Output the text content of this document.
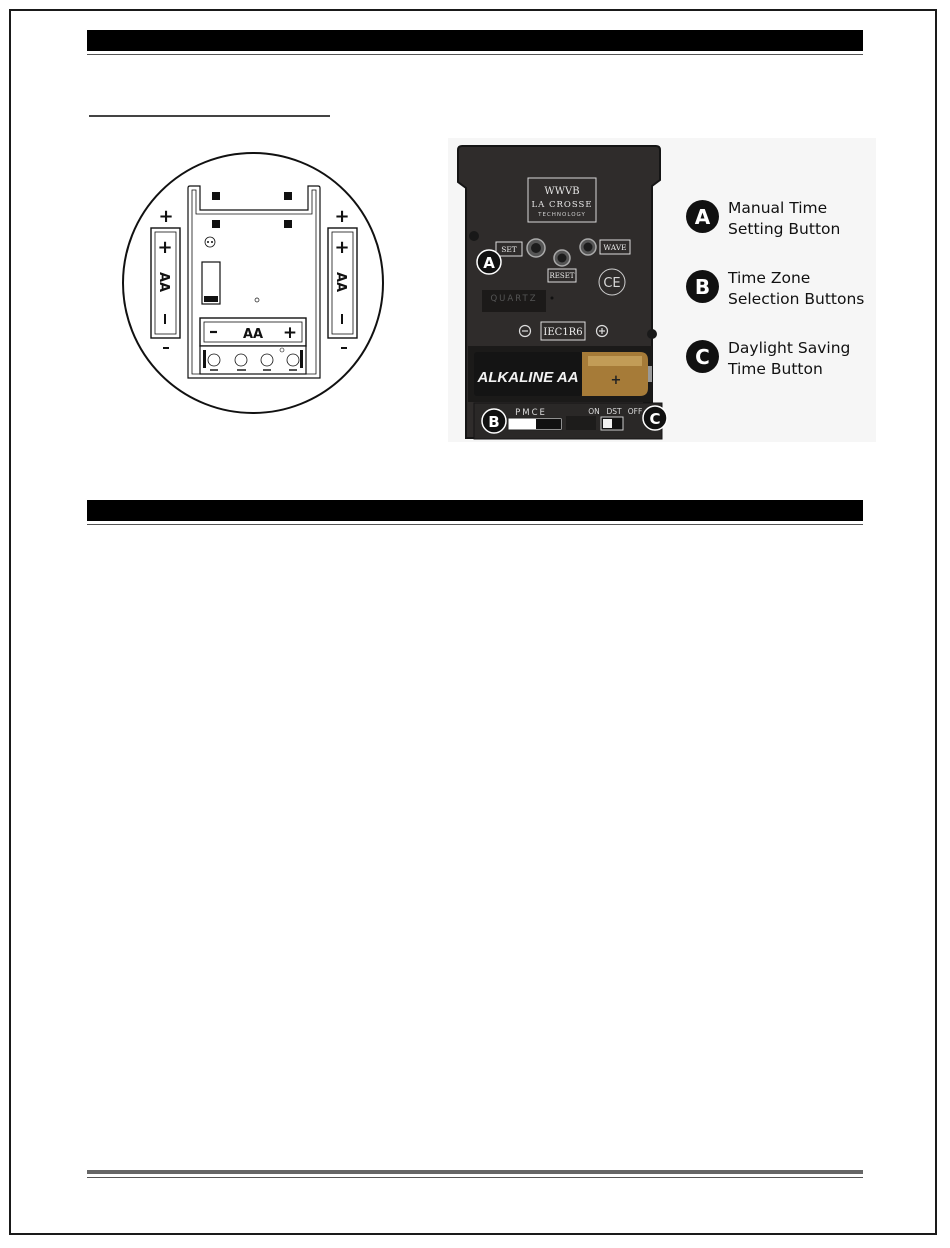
AA +
+
+
AA
+
+
AA
WWVB
LA CROSSE
TECHNOLOGY
SET
RESET
WAVE
CE
QUARTZ
IEC1R6
ALKALINE AA +
PMCE	ON DST OFF
A
B	C
A	Manual Time
Setting Button
B	Time Zone
Selection Buttons
C	Daylight Saving
Time Button
